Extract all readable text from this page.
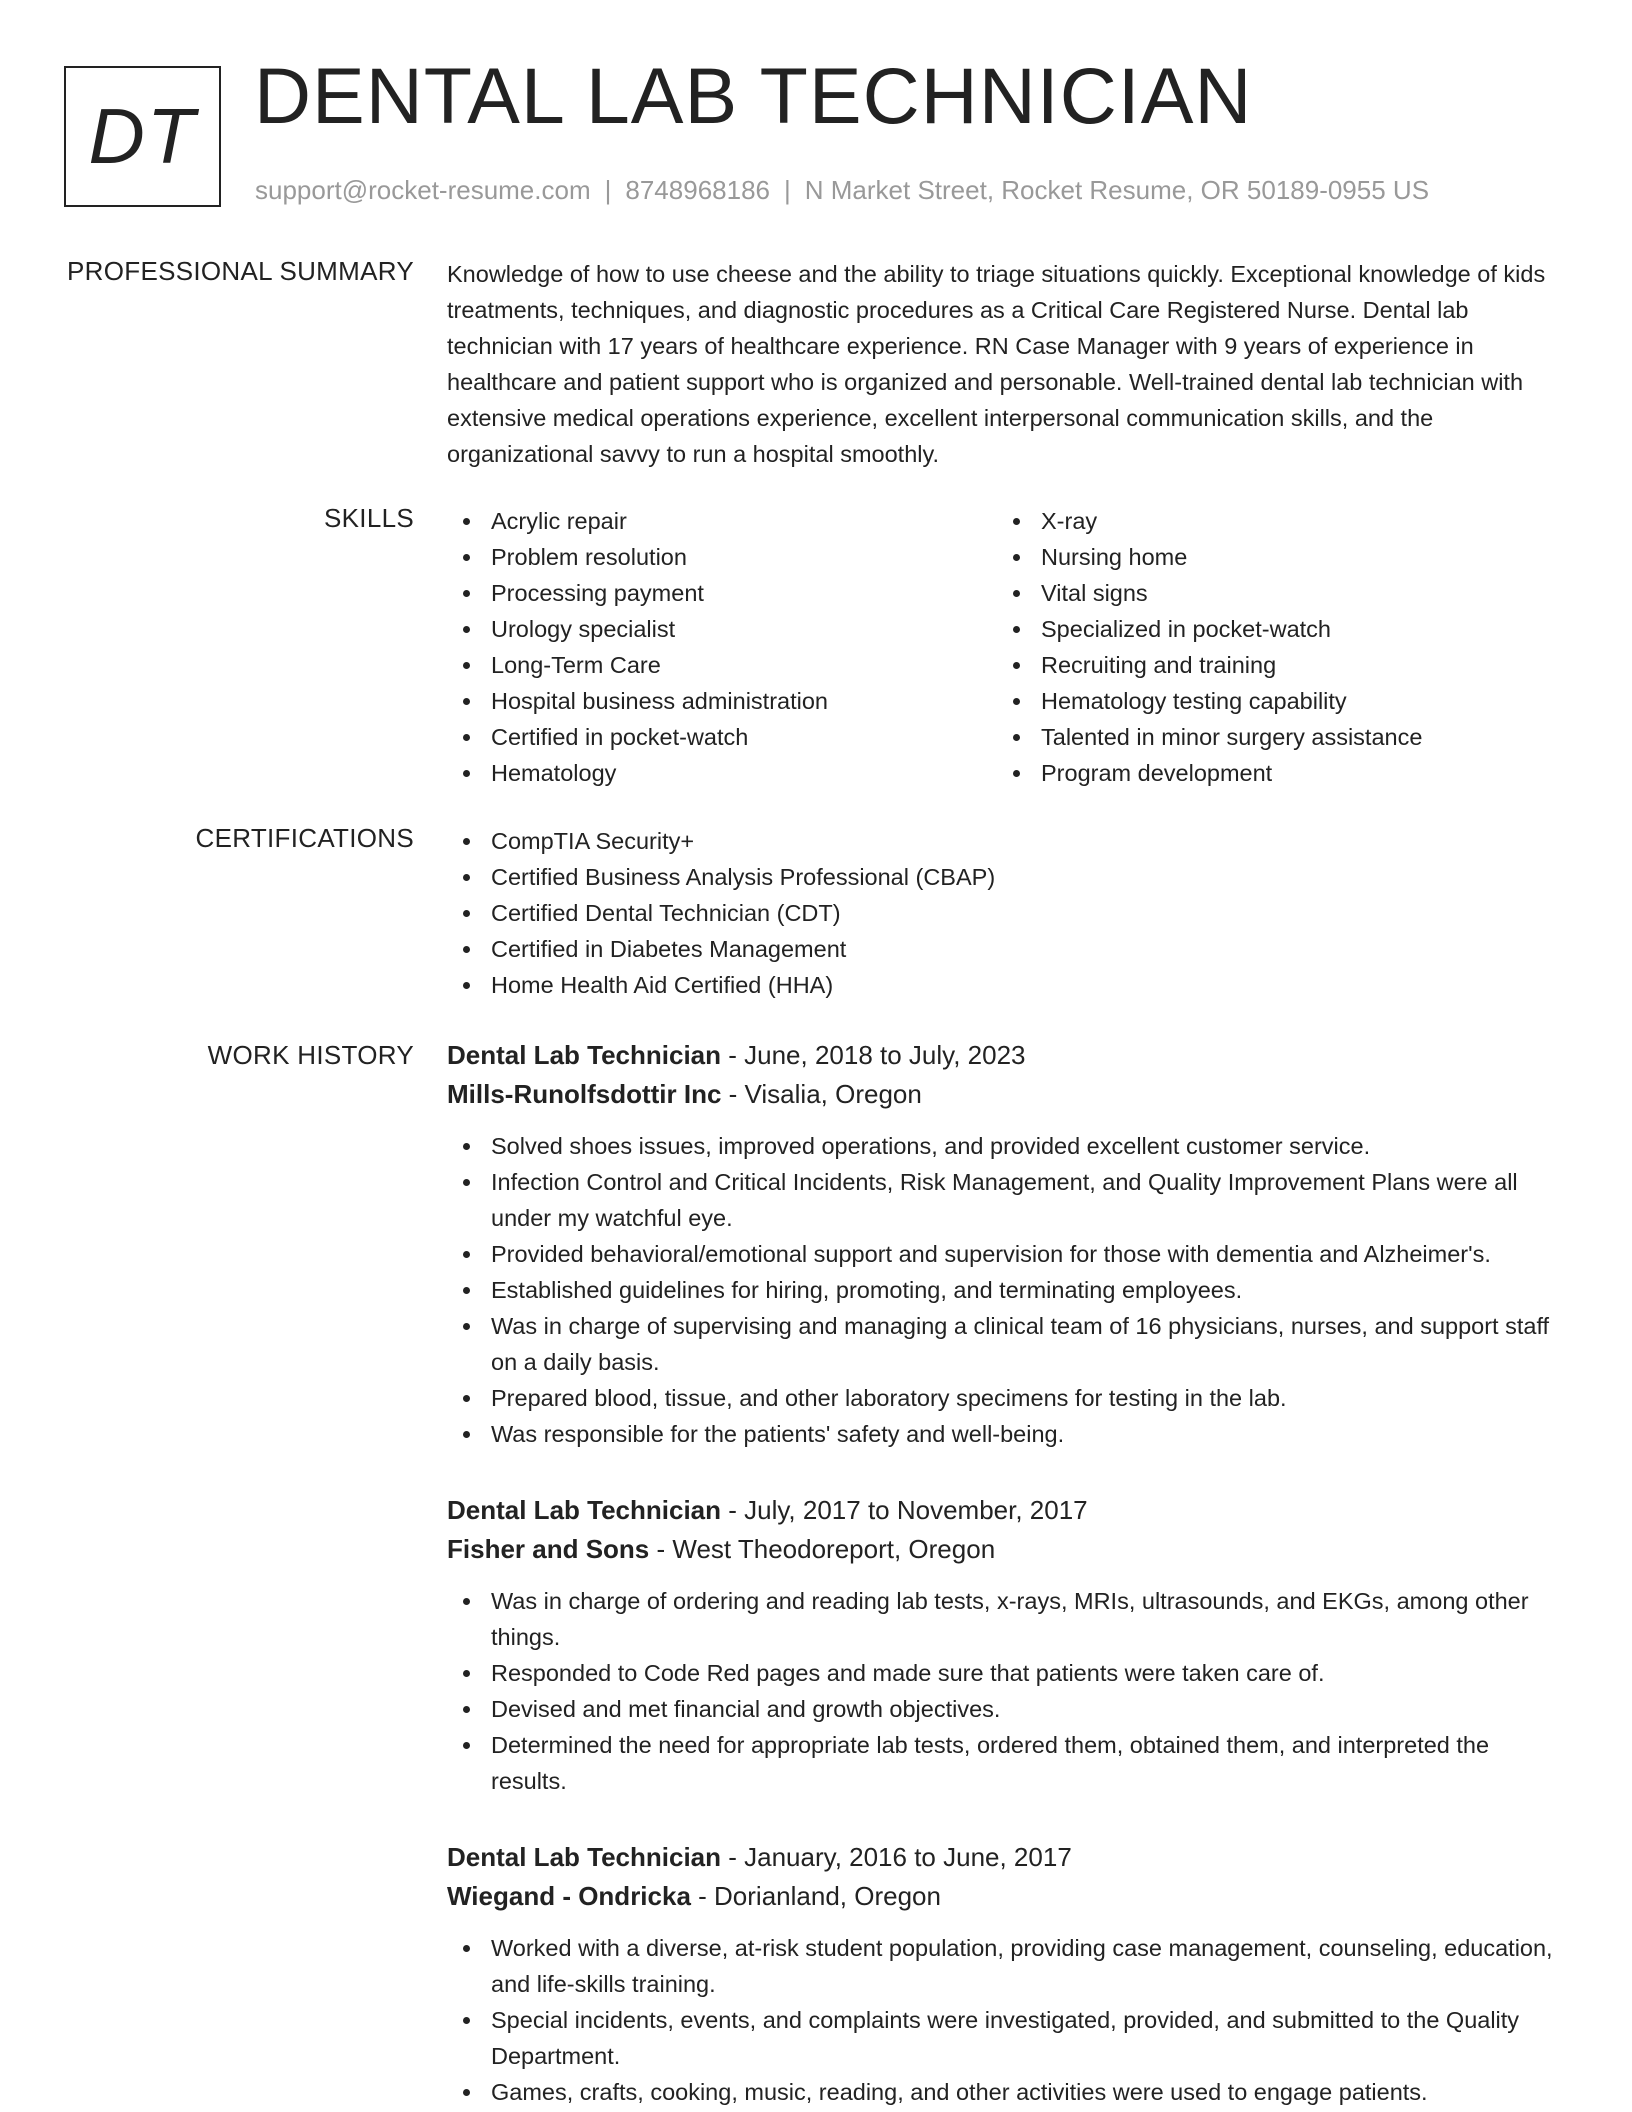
DT DENTAL LAB TECHNICIAN
support@rocket-resume.com | 8748968186 | N Market Street, Rocket Resume, OR 50189-0955 US
PROFESSIONAL SUMMARY Knowledge of how to use cheese and the ability to triage situations quickly. Exceptional knowledge of kids treatments, techniques, and diagnostic procedures as a Critical Care Registered Nurse. Dental lab technician with 17 years of healthcare experience. RN Case Manager with 9 years of experience in healthcare and patient support who is organized and personable. Well-trained dental lab technician with extensive medical operations experience, excellent interpersonal communication skills, and the organizational savvy to run a hospital smoothly.

SKILLS	Acrylic repair
Problem resolution
Processing payment
Urology specialist
Long-Term Care
Hospital business administration
Certified in pocket-watch
Hematology
X-ray
Nursing home
Vital signs
Specialized in pocket-watch
Recruiting and training
Hematology testing capability
Talented in minor surgery assistance
Program development
CERTIFICATIONS	CompTIA Security+
Certified Business Analysis Professional (CBAP)
Certified Dental Technician (CDT)
Certified in Diabetes Management
Home Health Aid Certified (HHA)
WORK HISTORY Dental Lab Technician - June, 2018 to July, 2023
Mills-Runolfsdottir Inc - Visalia, Oregon
Solved shoes issues, improved operations, and provided excellent customer service.
Infection Control and Critical Incidents, Risk Management, and Quality Improvement Plans were all under my watchful eye.
Provided behavioral/emotional support and supervision for those with dementia and Alzheimer's.
Established guidelines for hiring, promoting, and terminating employees.
Was in charge of supervising and managing a clinical team of 16 physicians, nurses, and support staff on a daily basis.
Prepared blood, tissue, and other laboratory specimens for testing in the lab.
Was responsible for the patients' safety and well-being.
Dental Lab Technician - July, 2017 to November, 2017
Fisher and Sons - West Theodoreport, Oregon
Was in charge of ordering and reading lab tests, x-rays, MRIs, ultrasounds, and EKGs, among other things.
Responded to Code Red pages and made sure that patients were taken care of.
Devised and met financial and growth objectives.
Determined the need for appropriate lab tests, ordered them, obtained them, and interpreted the results.
Dental Lab Technician - January, 2016 to June, 2017
Wiegand - Ondricka - Dorianland, Oregon
Worked with a diverse, at-risk student population, providing case management, counseling, education, and life-skills training.
Special incidents, events, and complaints were investigated, provided, and submitted to the Quality Department.
Games, crafts, cooking, music, reading, and other activities were used to engage patients.
